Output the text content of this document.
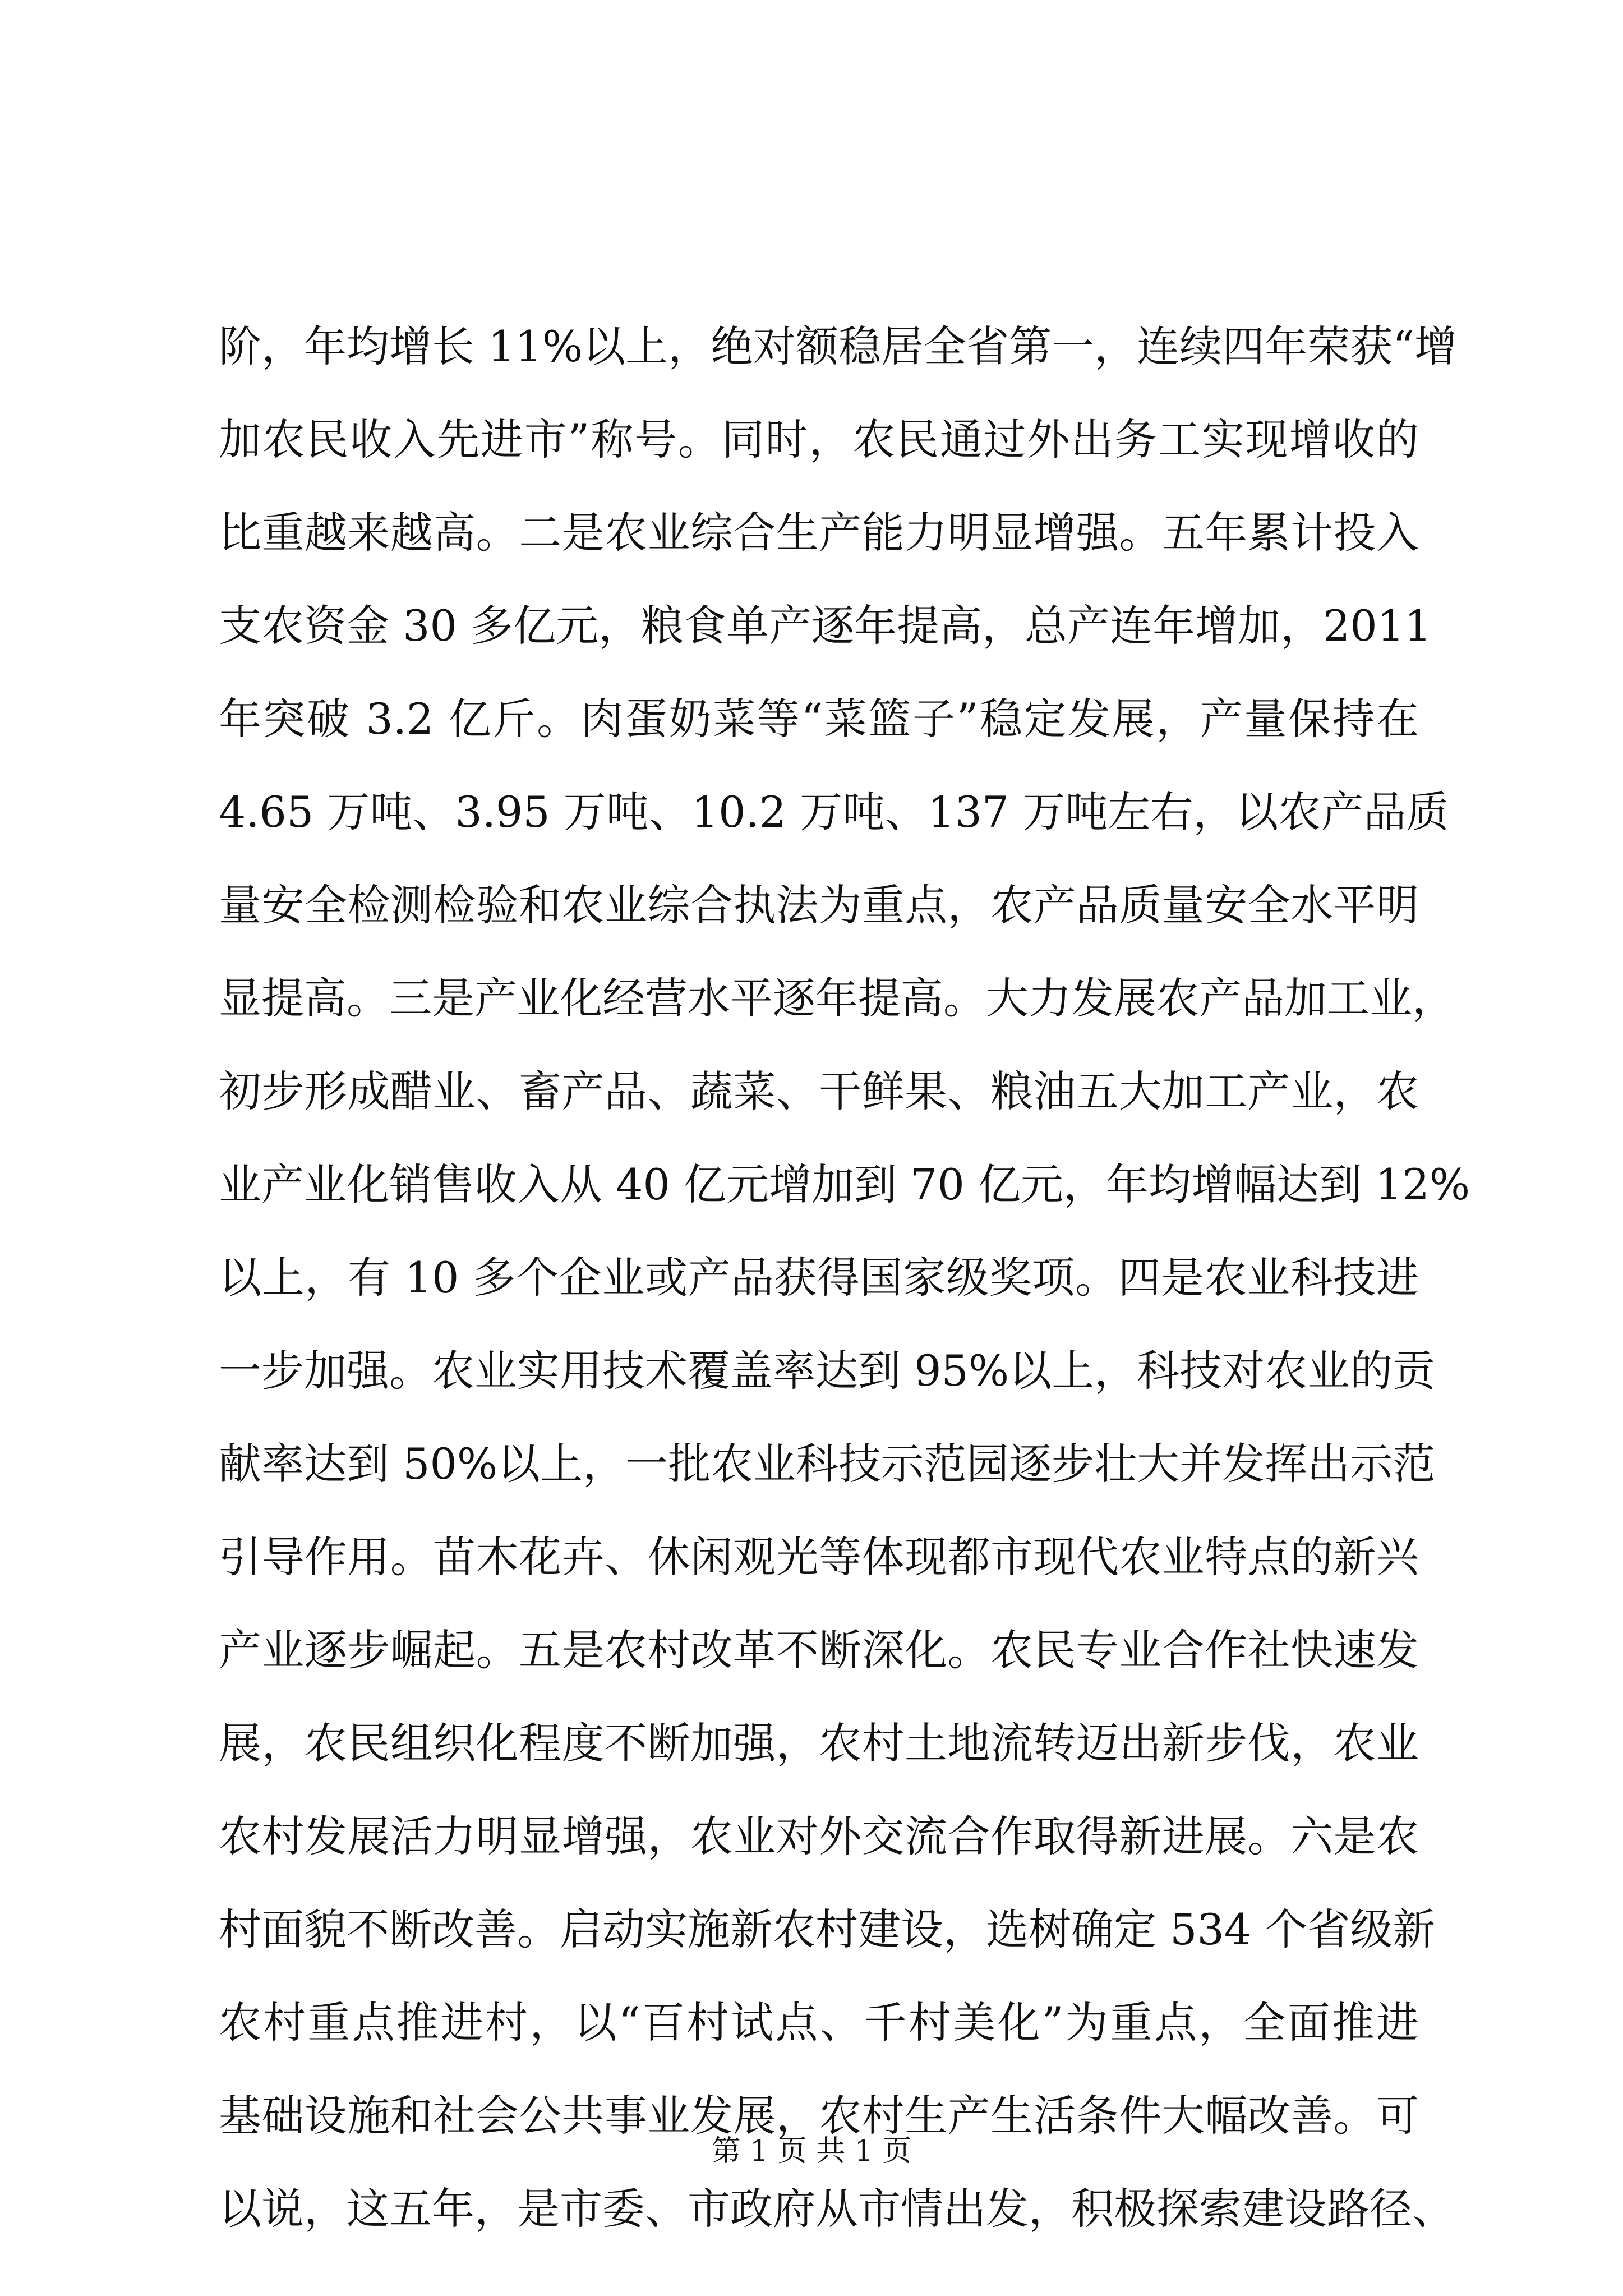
阶，年均增长 11%以上，绝对额稳居全省第一，连续四年荣获“增
加农民收入先进市”称号。同时，农民通过外出务工实现增收的
比重越来越高。二是农业综合生产能力明显增强。五年累计投入
支农资金 30 多亿元，粮食单产逐年提高，总产连年增加，2011
年突破 3.2 亿斤。肉蛋奶菜等“菜篮子”稳定发展，产量保持在
4.65 万吨、3.95 万吨、10.2 万吨、137 万吨左右，以农产品质
量安全检测检验和农业综合执法为重点，农产品质量安全水平明
显提高。三是产业化经营水平逐年提高。大力发展农产品加工业，
初步形成醋业、畜产品、蔬菜、干鲜果、粮油五大加工产业，农
业产业化销售收入从 40 亿元增加到 70 亿元，年均增幅达到 12%
以上，有 10 多个企业或产品获得国家级奖项。四是农业科技进
一步加强。农业实用技术覆盖率达到 95%以上，科技对农业的贡
献率达到 50%以上，一批农业科技示范园逐步壮大并发挥出示范
引导作用。苗木花卉、休闲观光等体现都市现代农业特点的新兴
产业逐步崛起。五是农村改革不断深化。农民专业合作社快速发
展，农民组织化程度不断加强，农村土地流转迈出新步伐，农业
农村发展活力明显增强，农业对外交流合作取得新进展。六是农
村面貌不断改善。启动实施新农村建设，选树确定 534 个省级新
农村重点推进村，以“百村试点、千村美化”为重点，全面推进
基础设施和社会公共事业发展，农村生产生活条件大幅改善。可
以说，这五年，是市委、市政府从市情出发，积极探索建设路径、
第 1 页 共 1 页
